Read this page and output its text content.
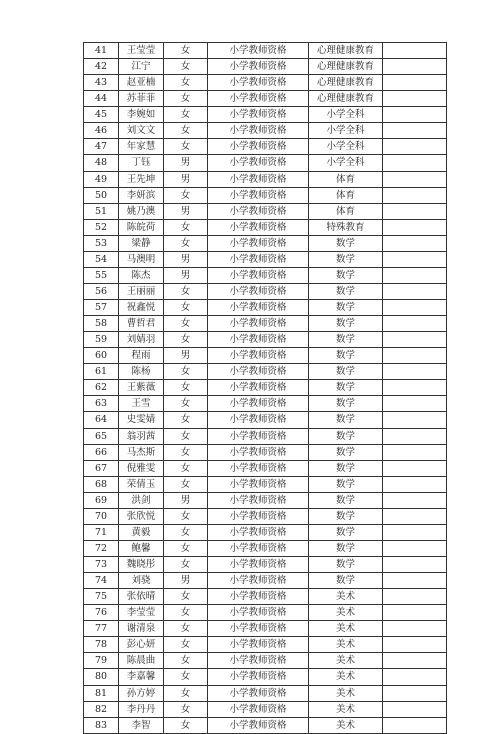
41	王莹莹	女	小学教师资格	心理健康教育	
42	江宁	女	小学教师资格	心理健康教育	
43	赵亚楠	女	小学教师资格	心理健康教育	
44	苏菲菲	女	小学教师资格	心理健康教育	
45	李婉如	女	小学教师资格	小学全科	
46	刘文文	女	小学教师资格	小学全科	
47	年家慧	女	小学教师资格	小学全科	
48	丁钰	男	小学教师资格	小学全科	
49	王先坤	男	小学教师资格	体育	
50	李妍滨	女	小学教师资格	体育	
51	姚乃澳	男	小学教师资格	体育	
52	陈皖荷	女	小学教师资格	特殊教育	
53	梁静	女	小学教师资格	数学	
54	马澳明	男	小学教师资格	数学	
55	陈杰	男	小学教师资格	数学	
56	王丽丽	女	小学教师资格	数学	
57	祝鑫悦	女	小学教师资格	数学	
58	曹哲君	女	小学教师资格	数学	
59	刘婧羽	女	小学教师资格	数学	
60	程雨	男	小学教师资格	数学	
61	陈杨	女	小学教师资格	数学	
62	王紫薇	女	小学教师资格	数学	
63	王雪	女	小学教师资格	数学	
64	史雯婧	女	小学教师资格	数学	
65	翁羽茜	女	小学教师资格	数学	
66	马杰斯	女	小学教师资格	数学	
67	倪雅雯	女	小学教师资格	数学	
68	荣倩玉	女	小学教师资格	数学	
69	洪剑	男	小学教师资格	数学	
70	张欣悦	女	小学教师资格	数学	
71	黄毅	女	小学教师资格	数学	
72	鲍馨	女	小学教师资格	数学	
73	魏晓彤	女	小学教师资格	数学	
74	刘骁	男	小学教师资格	数学	
75	张依晴	女	小学教师资格	美术	
76	李莹莹	女	小学教师资格	美术	
77	谢清泉	女	小学教师资格	美术	
78	彭心妍	女	小学教师资格	美术	
79	陈晨曲	女	小学教师资格	美术	
80	李嘉馨	女	小学教师资格	美术	
81	孙方婷	女	小学教师资格	美术	
82	李丹丹	女	小学教师资格	美术	
83	李智	女	小学教师资格	美术	
